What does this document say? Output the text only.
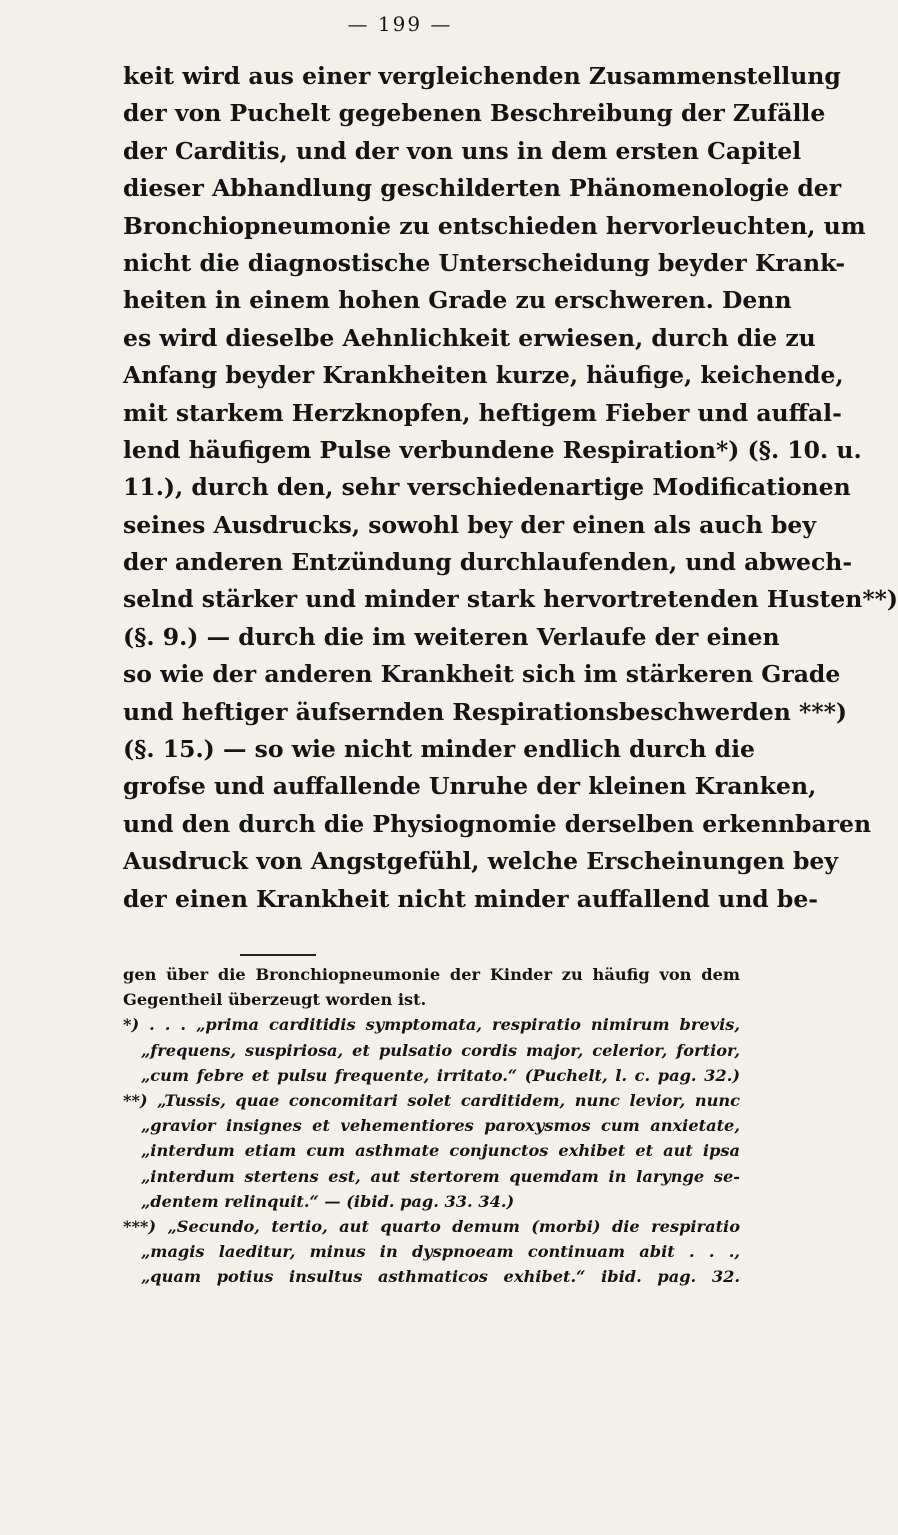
— 199 —
keit wird aus einer vergleichenden Zusammenstellung
der von Puchelt gegebenen Beschreibung der Zufälle
der Carditis, und der von uns in dem ersten Capitel
dieser Abhandlung geschilderten Phänomenologie der
Bronchiopneumonie zu entschieden hervorleuchten, um
nicht die diagnostische Unterscheidung beyder Krank-
heiten in einem hohen Grade zu erschweren. Denn
es wird dieselbe Aehnlichkeit erwiesen, durch die zu
Anfang beyder Krankheiten kurze, häufige, keichende,
mit starkem Herzknopfen, heftigem Fieber und auffal-
lend häufigem Pulse verbundene Respiration*) (§. 10. u.
11.), durch den, sehr verschiedenartige Modificationen
seines Ausdrucks, sowohl bey der einen als auch bey
der anderen Entzündung durchlaufenden, und abwech-
selnd stärker und minder stark hervortretenden Husten**)
(§. 9.) — durch die im weiteren Verlaufe der einen
so wie der anderen Krankheit sich im stärkeren Grade
und heftiger äufsernden Respirationsbeschwerden ***)
(§. 15.) — so wie nicht minder endlich durch die
grofse und auffallende Unruhe der kleinen Kranken,
und den durch die Physiognomie derselben erkennbaren
Ausdruck von Angstgefühl, welche Erscheinungen bey
der einen Krankheit nicht minder auffallend und be-
gen über die Bronchiopneumonie der Kinder zu häufig von dem
Gegentheil überzeugt worden ist.
*) . . . „prima carditidis symptomata, respiratio nimirum brevis,
„frequens, suspiriosa, et pulsatio cordis major, celerior, fortior,
„cum febre et pulsu frequente, irritato.“ (Puchelt, l. c. pag. 32.)
**) „Tussis, quae concomitari solet carditidem, nunc levior, nunc
„gravior insignes et vehementiores paroxysmos cum anxietate,
„interdum etiam cum asthmate conjunctos exhibet et aut ipsa
„interdum stertens est, aut stertorem quemdam in larynge se-
„dentem relinquit.“ — (ibid. pag. 33. 34.)
***) „Secundo, tertio, aut quarto demum (morbi) die respiratio
„magis laeditur, minus in dyspnoeam continuam abit . . .,
„quam potius insultus asthmaticos exhibet.“ ibid. pag. 32.
